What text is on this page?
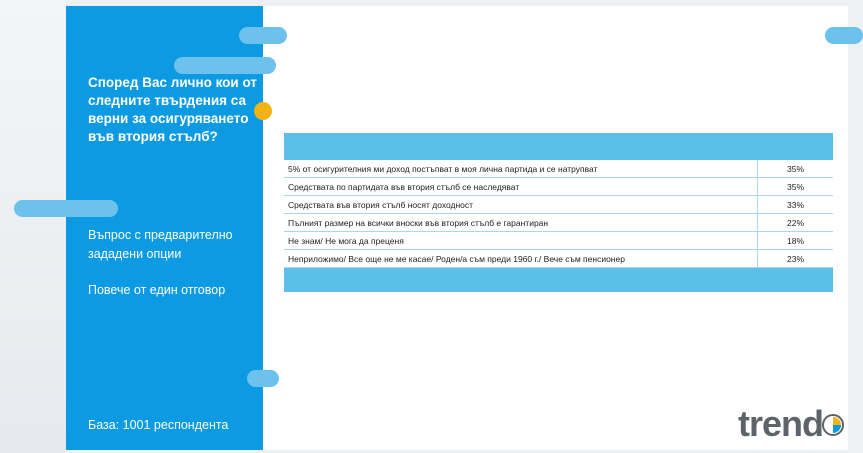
Според Вас лично кои от следните твърдения са верни за осигуряването във втория стълб?

Въпрос с предварително зададени опции

Повече от един отговор

База: 1001 респондента

5% от осигурителния ми доход постъпват в моя лична партида и се натрупват	35%
Средствата по партидата във втория стълб се наследяват	35%
Средствата във втория стълб носят доходност	33%
Пълният размер на всички вноски във втория стълб е гарантиран	22%
Не знам/ Не мога да преценя	18%
Неприложимо/ Все още не ме касае/ Роден/а съм преди 1960 г./ Вече съм пенсионер	23%
trend
